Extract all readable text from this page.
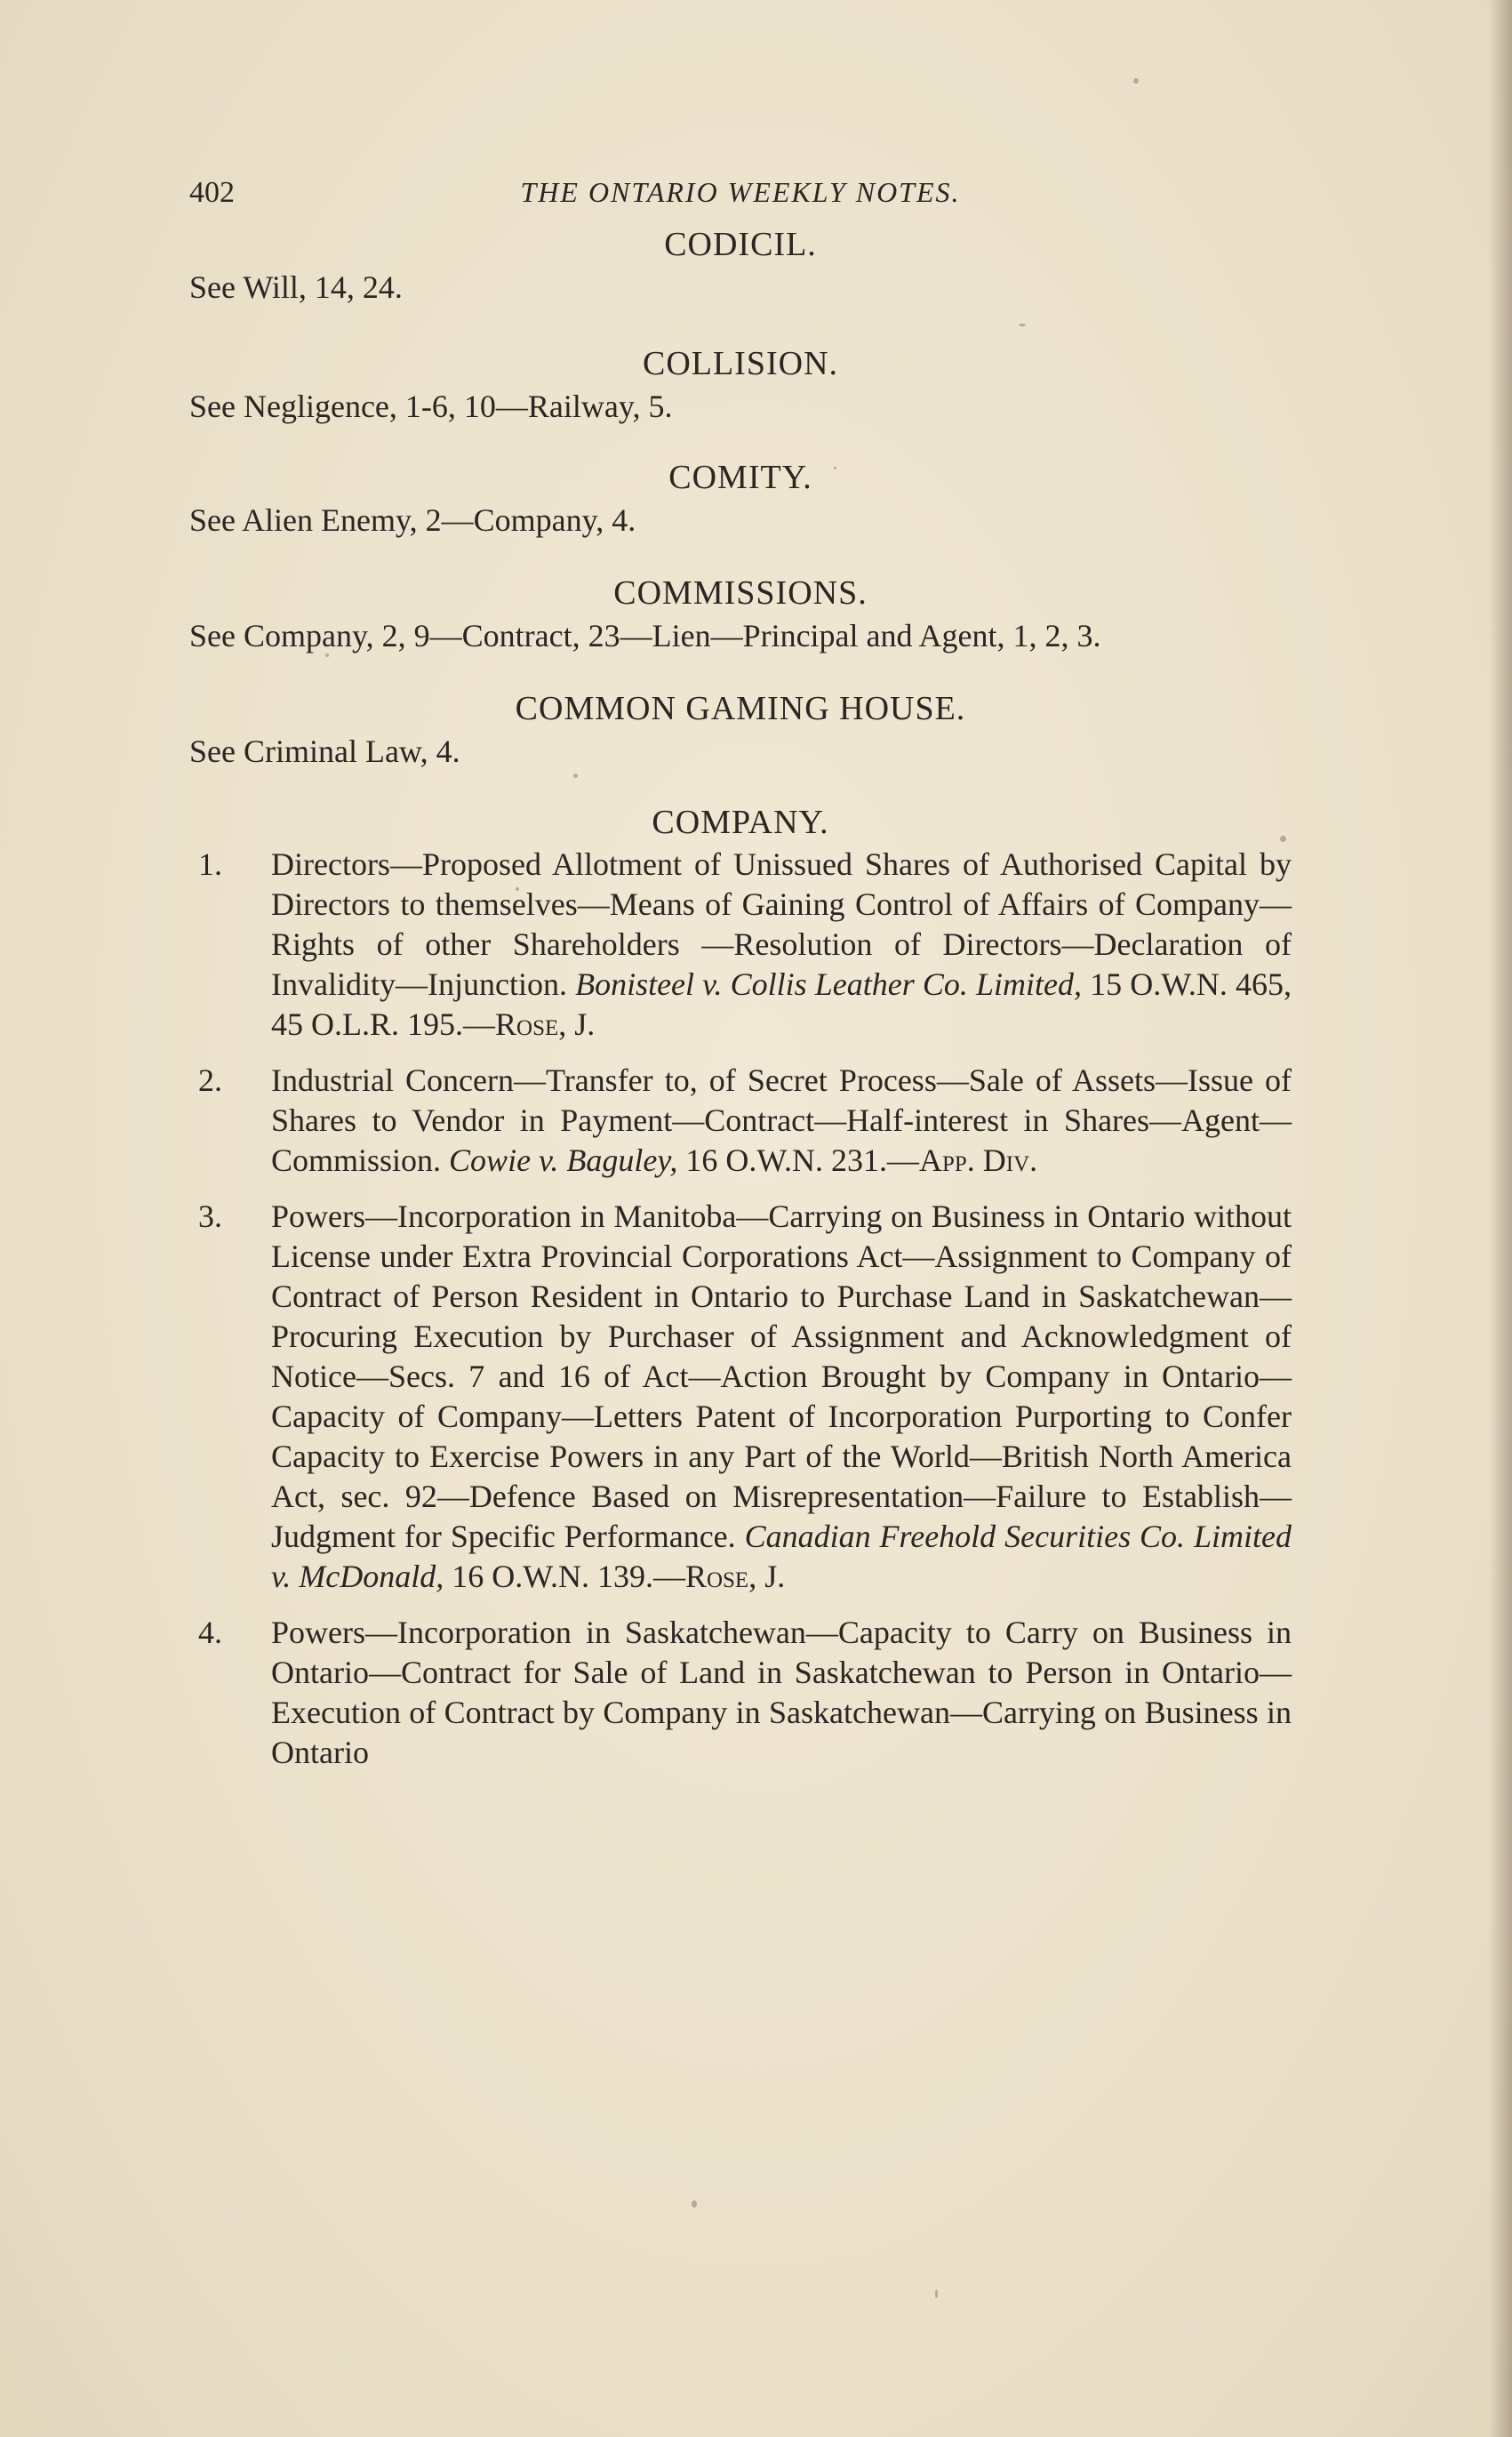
402	THE ONTARIO WEEKLY NOTES.
CODICIL.

See Will, 14, 24.

COLLISION.

See Negligence, 1-6, 10—Railway, 5.

COMITY.

See Alien Enemy, 2—Company, 4.

COMMISSIONS.

See Company, 2, 9—Contract, 23—Lien—Principal and Agent, 1, 2, 3.

COMMON GAMING HOUSE.

See Criminal Law, 4.

COMPANY.

1. Directors—Proposed Allotment of Unissued Shares of Authorised Capital by Directors to themselves—Means of Gaining Control of Affairs of Company—Rights of other Shareholders —Resolution of Directors—Declaration of Invalidity—Injunction. Bonisteel v. Collis Leather Co. Limited, 15 O.W.N. 465, 45 O.L.R. 195.—Rose, J.

2. Industrial Concern—Transfer to, of Secret Process—Sale of Assets—Issue of Shares to Vendor in Payment—Contract—Half-interest in Shares—Agent—Commission. Cowie v. Baguley, 16 O.W.N. 231.—App. Div.

3. Powers—Incorporation in Manitoba—Carrying on Business in Ontario without License under Extra Provincial Corporations Act—Assignment to Company of Contract of Person Resident in Ontario to Purchase Land in Saskatchewan—Procuring Execution by Purchaser of Assignment and Acknowledgment of Notice—Secs. 7 and 16 of Act—Action Brought by Company in Ontario—Capacity of Company—Letters Patent of Incorporation Purporting to Confer Capacity to Exercise Powers in any Part of the World—British North America Act, sec. 92—Defence Based on Misrepresentation—Failure to Establish—Judgment for Specific Performance. Canadian Freehold Securities Co. Limited v. McDonald, 16 O.W.N. 139.—Rose, J.

4. Powers—Incorporation in Saskatchewan—Capacity to Carry on Business in Ontario—Contract for Sale of Land in Saskatchewan to Person in Ontario—Execution of Contract by Company in Saskatchewan—Carrying on Business in Ontario
